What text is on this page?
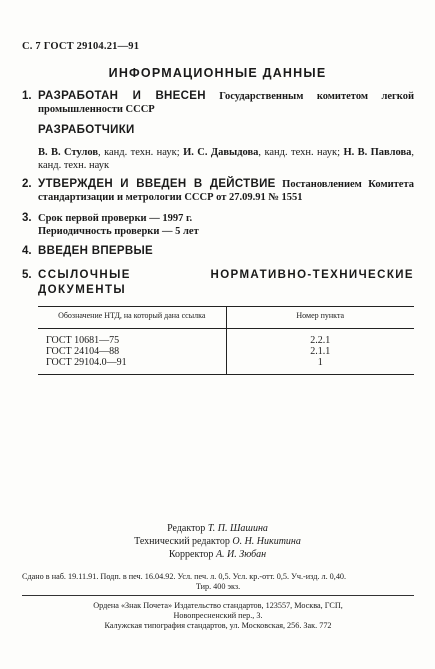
С. 7 ГОСТ 29104.21—91
ИНФОРМАЦИОННЫЕ ДАННЫЕ
1. РАЗРАБОТАН И ВНЕСЕН Государственным комитетом легкой промышленности СССР
РАЗРАБОТЧИКИ
В. В. Стулов, канд. техн. наук; И. С. Давыдова, канд. техн. наук; Н. В. Павлова, канд. техн. наук
2. УТВЕРЖДЕН И ВВЕДЕН В ДЕЙСТВИЕ Постановлением Комитета стандартизации и метрологии СССР от 27.09.91 № 1551
3. Срок первой проверки — 1997 г.
Периодичность проверки — 5 лет
4. ВВЕДЕН ВПЕРВЫЕ
5. ССЫЛОЧНЫЕ НОРМАТИВНО-ТЕХНИЧЕСКИЕ ДОКУМЕНТЫ
Обозначение НТД, на который дана ссылка	Номер пункта
ГОСТ 10681—75	2.2.1
ГОСТ 24104—88	2.1.1
ГОСТ 29104.0—91	1
Редактор Т. П. Шашина
Технический редактор О. Н. Никитина
Корректор А. И. Зюбан
Сдано в наб. 19.11.91. Подп. в печ. 16.04.92. Усл. печ. л. 0,5. Усл. кр.-отт. 0,5. Уч.-изд. л. 0,40.
Тир. 400 экз.
Ордена «Знак Почета» Издательство стандартов, 123557, Москва, ГСП,
Новопресненский пер., 3.
Калужская типография стандартов, ул. Московская, 256. Зак. 772
